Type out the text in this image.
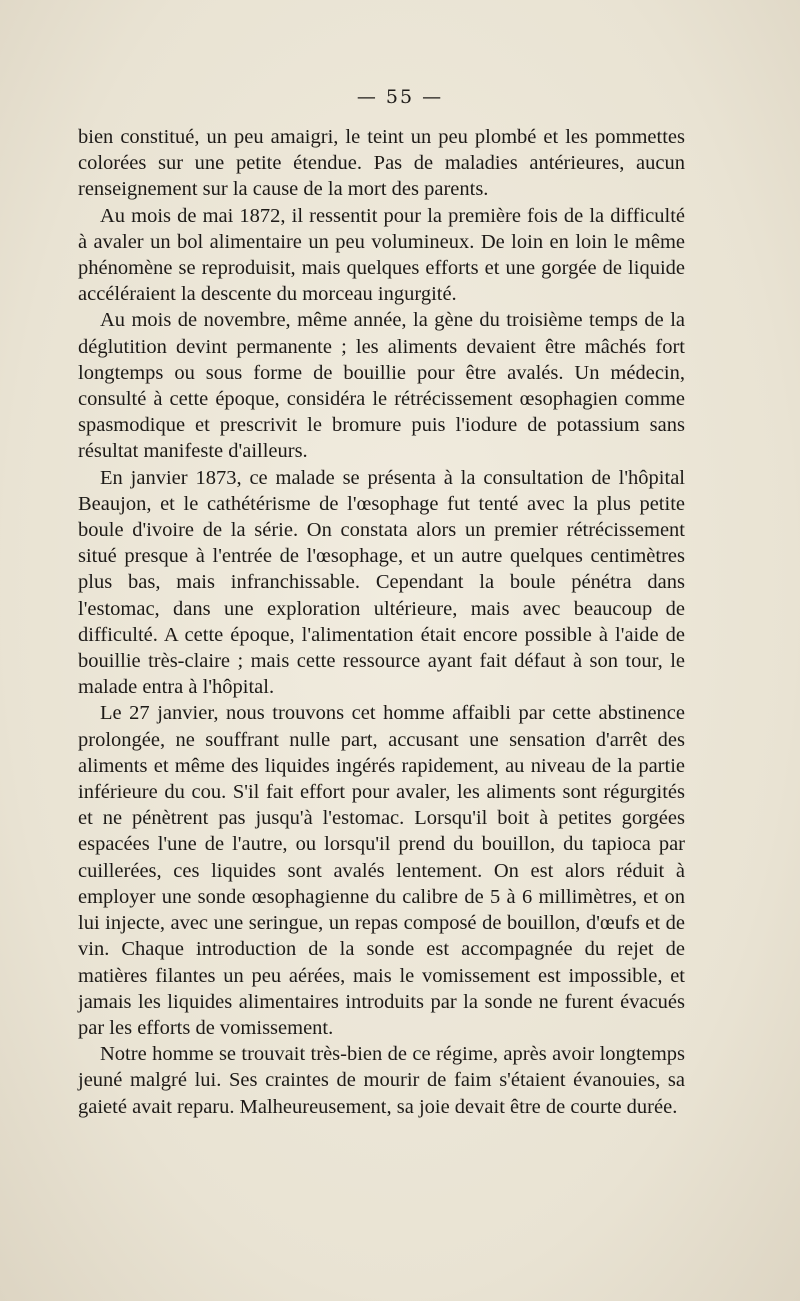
— 55 —

bien constitué, un peu amaigri, le teint un peu plombé et les pommettes colorées sur une petite étendue. Pas de maladies antérieures, aucun renseignement sur la cause de la mort des parents.

Au mois de mai 1872, il ressentit pour la première fois de la difficulté à avaler un bol alimentaire un peu volumineux. De loin en loin le même phénomène se reproduisit, mais quelques efforts et une gorgée de liquide accéléraient la descente du morceau ingurgité.

Au mois de novembre, même année, la gène du troisième temps de la déglutition devint permanente ; les aliments devaient être mâchés fort longtemps ou sous forme de bouillie pour être avalés. Un médecin, consulté à cette époque, considéra le rétrécissement œsophagien comme spasmodique et prescrivit le bromure puis l'iodure de potassium sans résultat manifeste d'ailleurs.

En janvier 1873, ce malade se présenta à la consultation de l'hôpital Beaujon, et le cathétérisme de l'œsophage fut tenté avec la plus petite boule d'ivoire de la série. On constata alors un premier rétrécissement situé presque à l'entrée de l'œsophage, et un autre quelques centimètres plus bas, mais infranchissable. Cependant la boule pénétra dans l'estomac, dans une exploration ultérieure, mais avec beaucoup de difficulté. A cette époque, l'alimentation était encore possible à l'aide de bouillie très-claire ; mais cette ressource ayant fait défaut à son tour, le malade entra à l'hôpital.

Le 27 janvier, nous trouvons cet homme affaibli par cette abstinence prolongée, ne souffrant nulle part, accusant une sensation d'arrêt des aliments et même des liquides ingérés rapidement, au niveau de la partie inférieure du cou. S'il fait effort pour avaler, les aliments sont régurgités et ne pénètrent pas jusqu'à l'estomac. Lorsqu'il boit à petites gorgées espacées l'une de l'autre, ou lorsqu'il prend du bouillon, du tapioca par cuillerées, ces liquides sont avalés lentement. On est alors réduit à employer une sonde œsophagienne du calibre de 5 à 6 millimètres, et on lui injecte, avec une seringue, un repas composé de bouillon, d'œufs et de vin. Chaque introduction de la sonde est accompagnée du rejet de matières filantes un peu aérées, mais le vomissement est impossible, et jamais les liquides alimentaires introduits par la sonde ne furent évacués par les efforts de vomissement.

Notre homme se trouvait très-bien de ce régime, après avoir longtemps jeuné malgré lui. Ses craintes de mourir de faim s'étaient évanouies, sa gaieté avait reparu. Malheureusement, sa joie devait être de courte durée.
